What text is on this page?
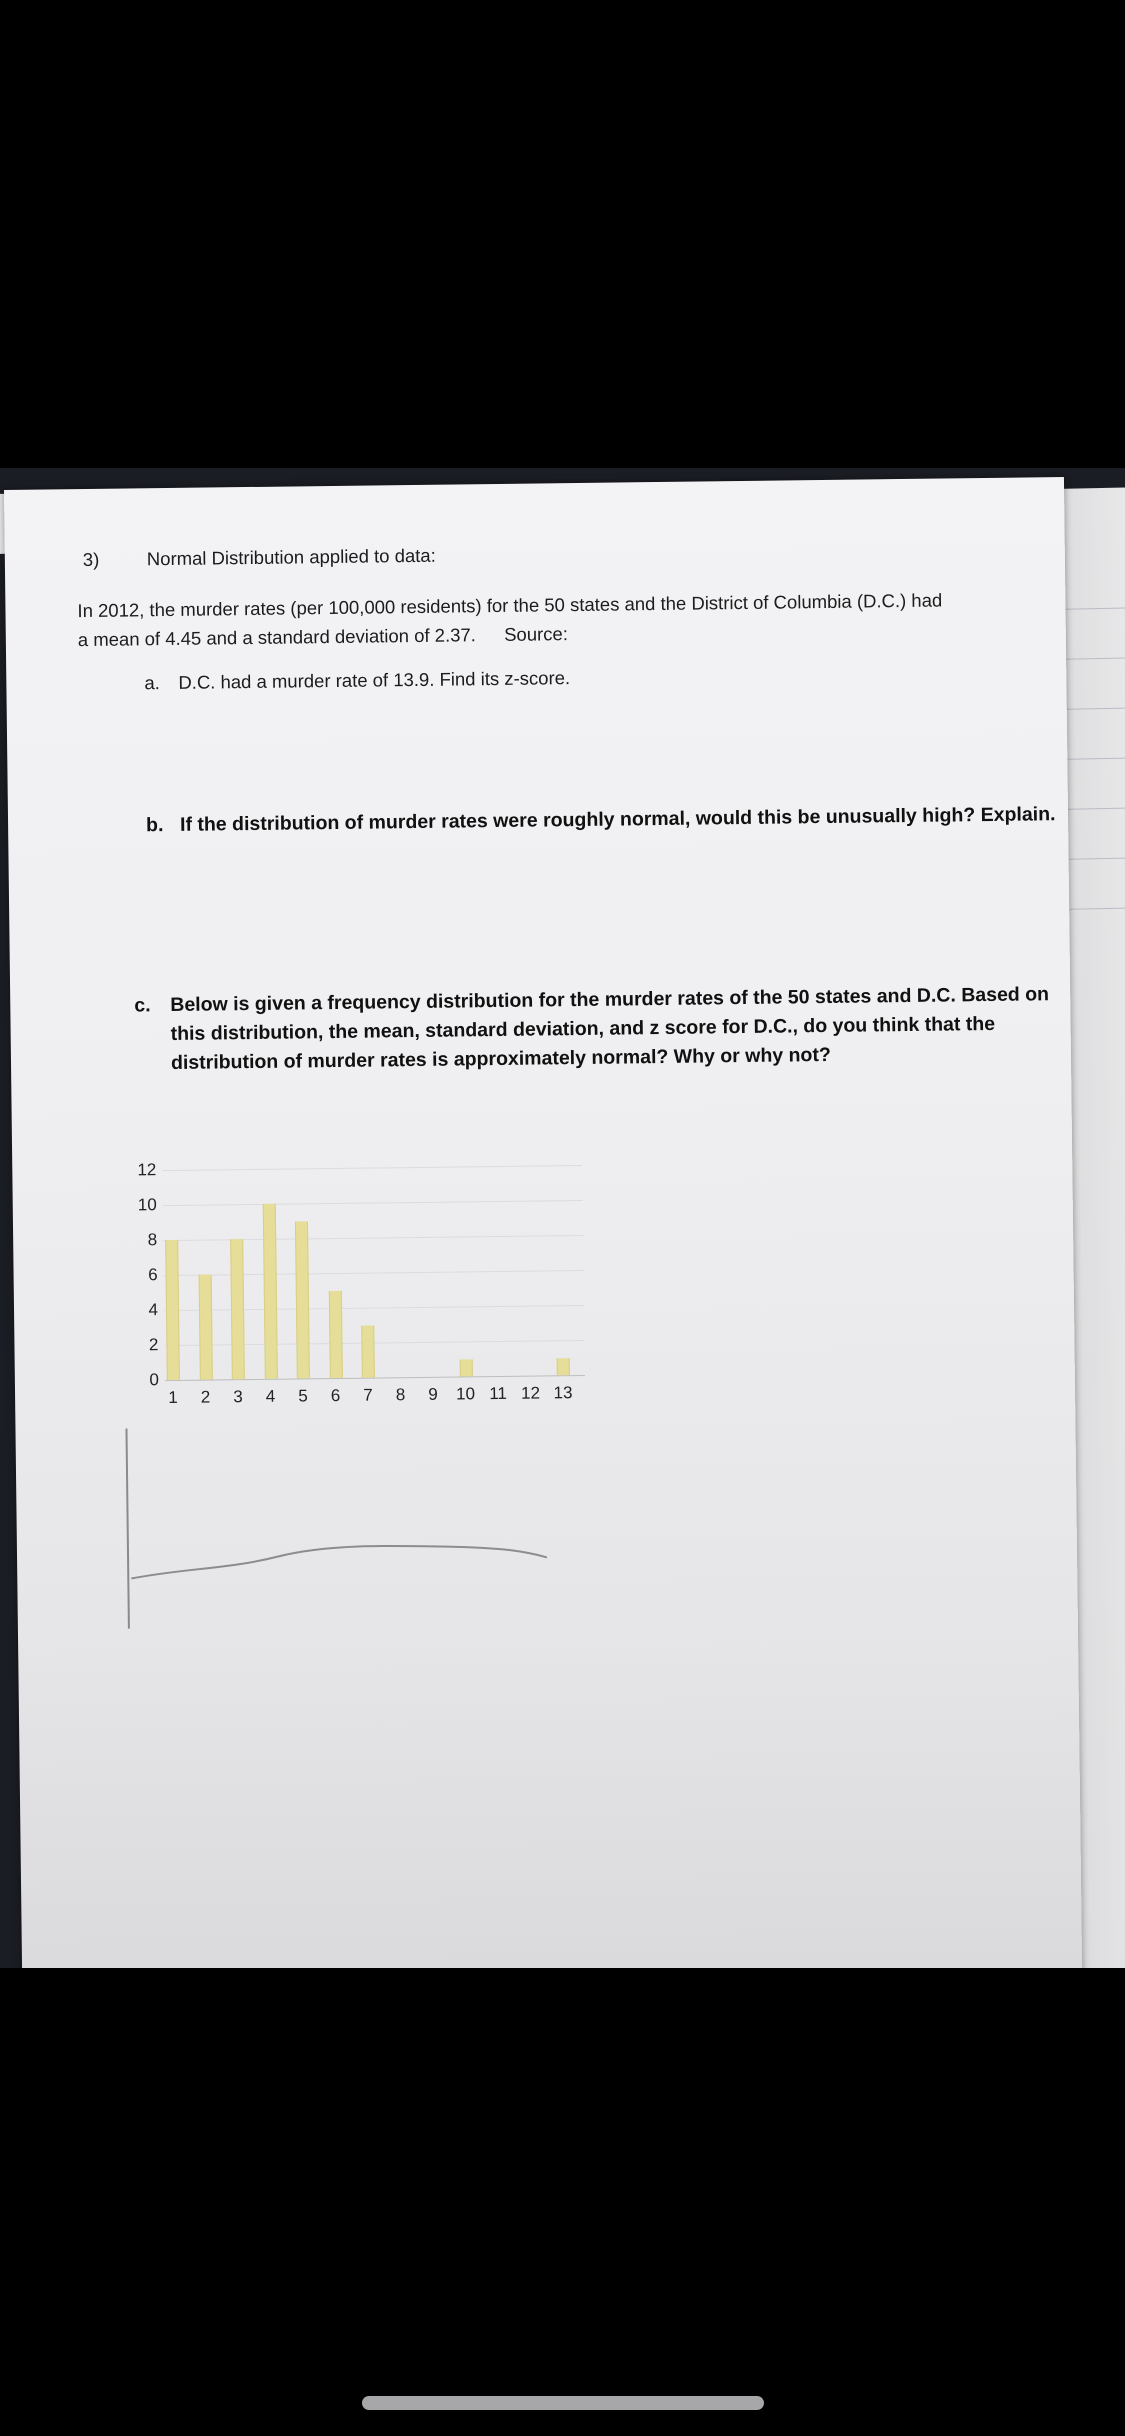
3)	Normal Distribution applied to data:
In 2012, the murder rates (per 100,000 residents) for the 50 states and the District of Columbia (D.C.) had
a mean of 4.45 and a standard deviation of 2.37. Source:
a. D.C. had a murder rate of 13.9. Find its z-score.
b. If the distribution of murder rates were roughly normal, would this be unusually high? Explain.
c. Below is given a frequency distribution for the murder rates of the 50 states and D.C. Based on
this distribution, the mean, standard deviation, and z score for D.C., do you think that the
distribution of murder rates is approximately normal? Why or why not?
0
2
4
6
8
10
12
1	2	3	4	5	6	7	8	9	10 11 12 13
